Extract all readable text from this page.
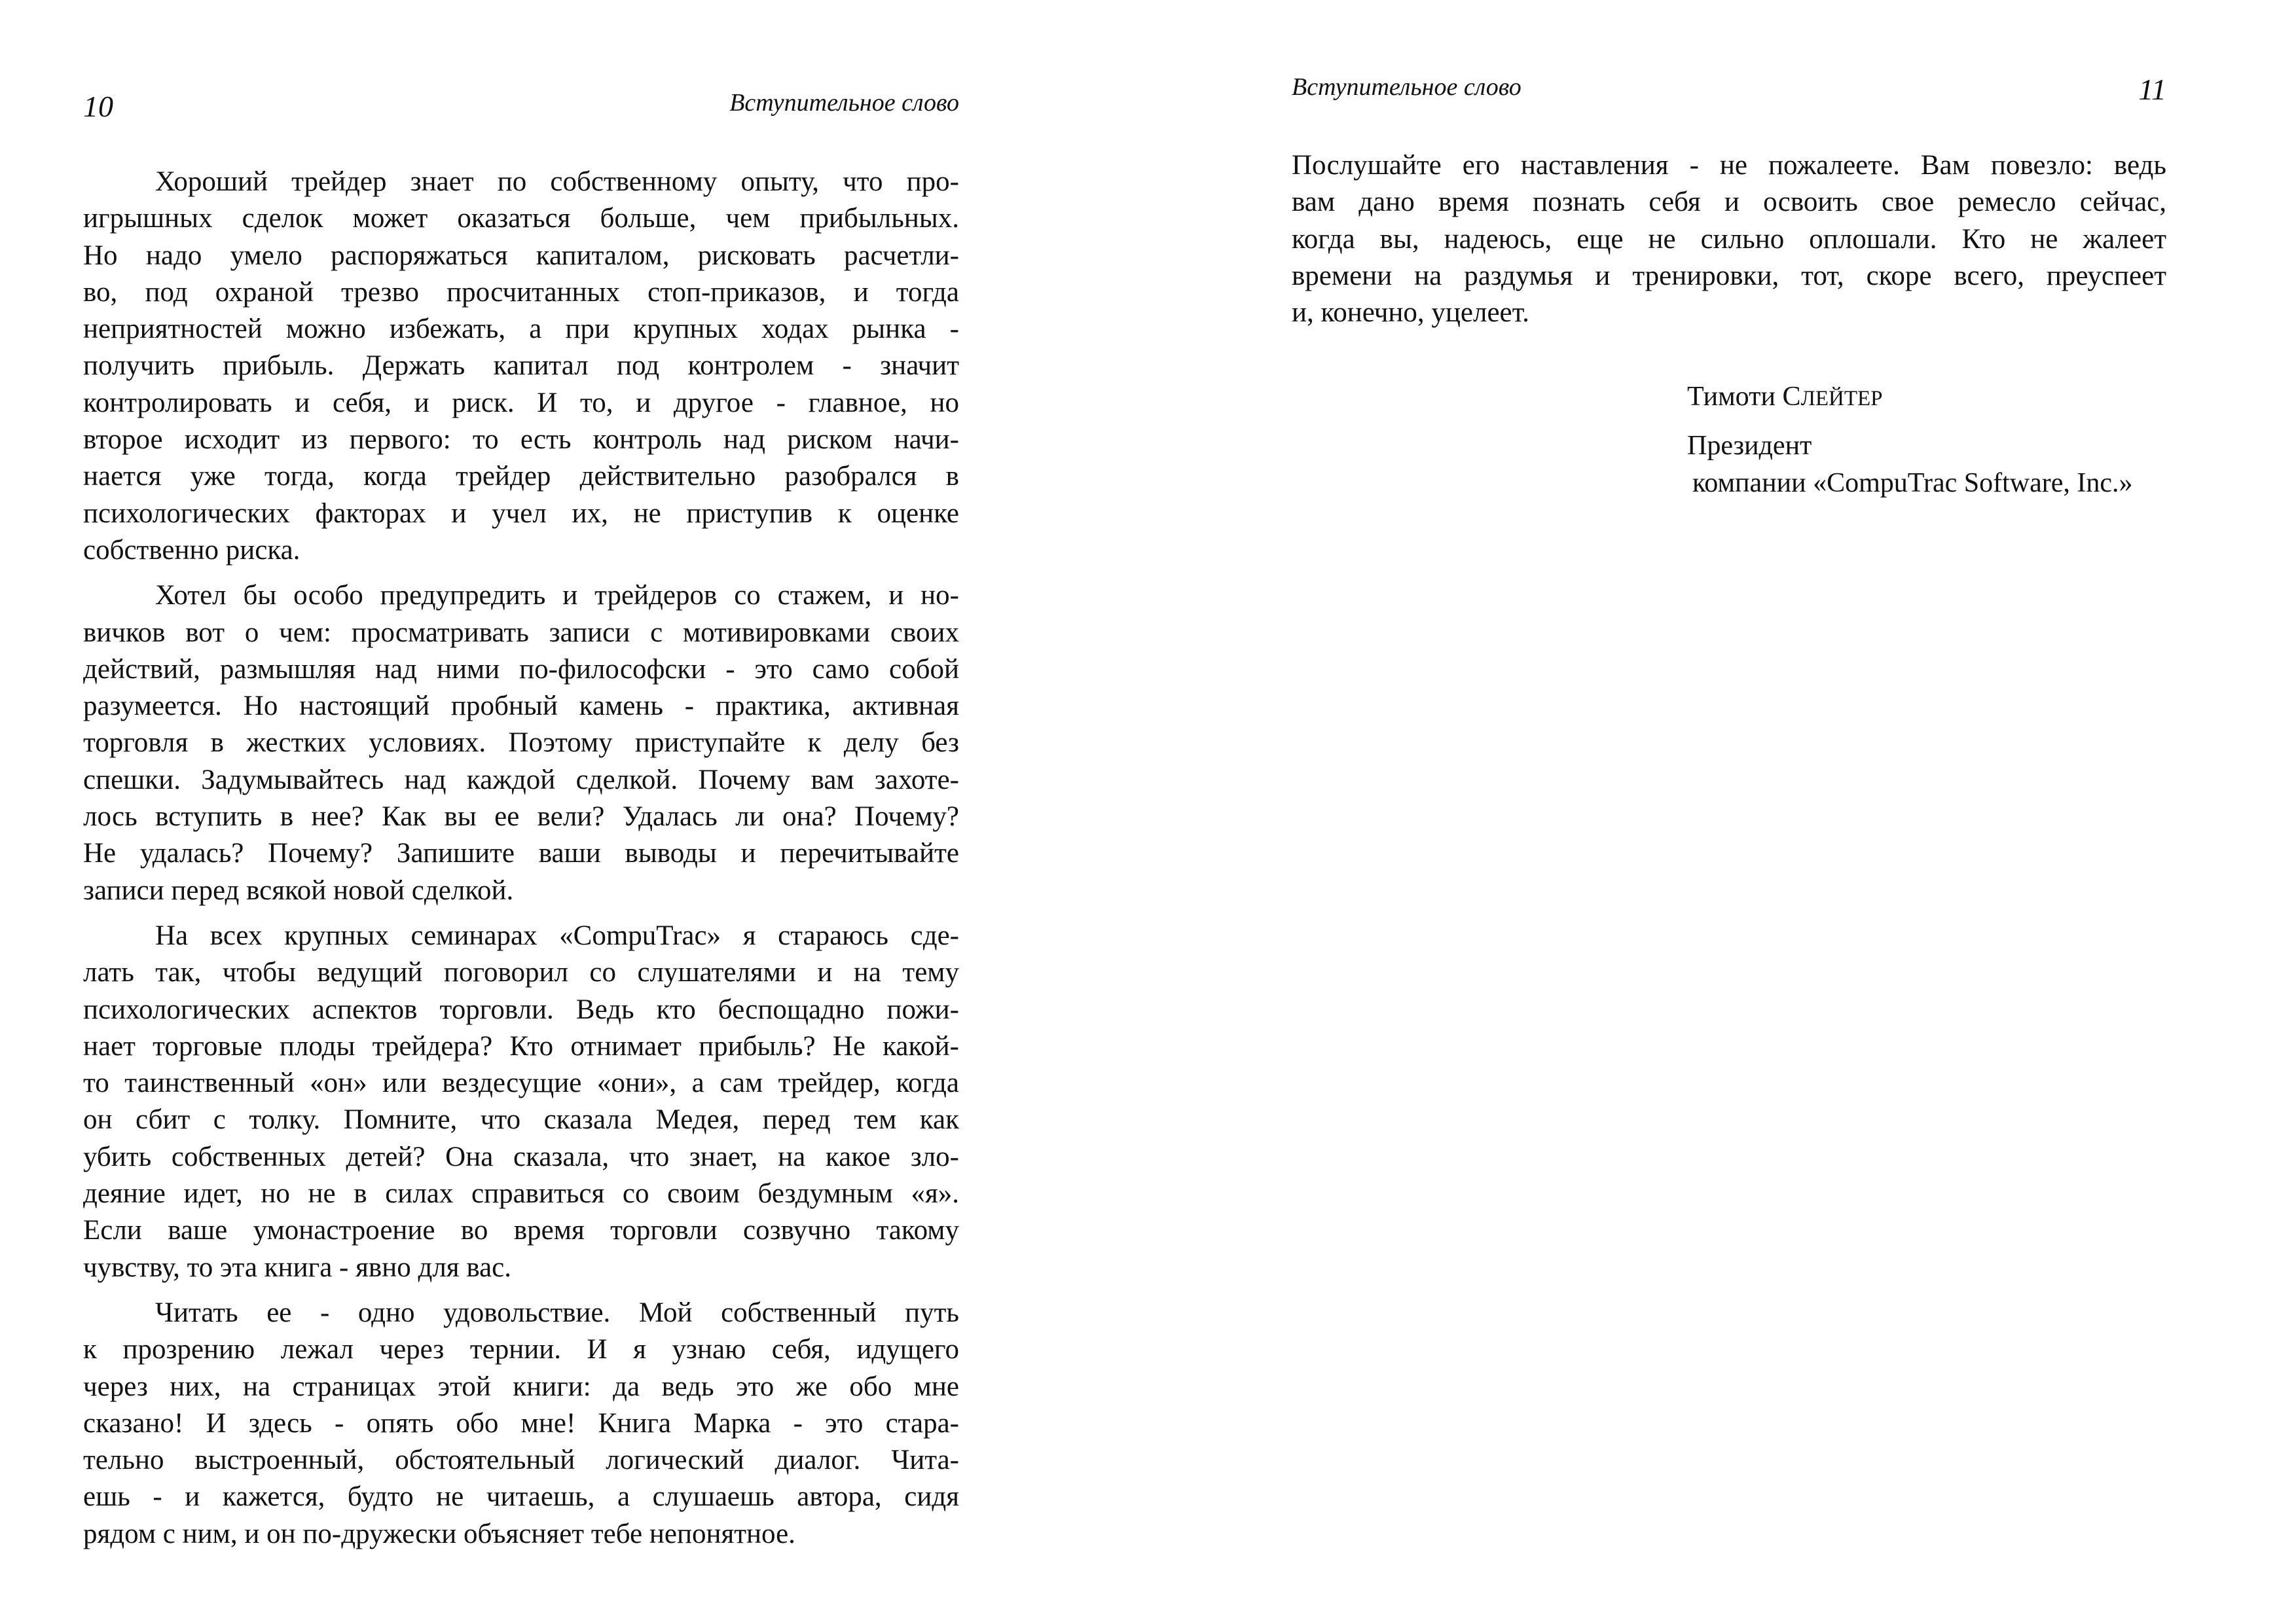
10	Вступительное слово

Хороший трейдер знает по собственному опыту, что про-
игрышных сделок может оказаться больше, чем прибыльных.
Но надо умело распоряжаться капиталом, рисковать расчетли-
во, под охраной трезво просчитанных стоп-приказов, и тогда
неприятностей можно избежать, а при крупных ходах рынка -
получить прибыль. Держать капитал под контролем - значит
контролировать и себя, и риск. И то, и другое - главное, но
второе исходит из первого: то есть контроль над риском начи-
нается уже тогда, когда трейдер действительно разобрался в
психологических факторах и учел их, не приступив к оценке
собственно риска.

Хотел бы особо предупредить и трейдеров со стажем, и но-
вичков вот о чем: просматривать записи с мотивировками своих
действий, размышляя над ними по-философски - это само собой
разумеется. Но настоящий пробный камень - практика, активная
торговля в жестких условиях. Поэтому приступайте к делу без
спешки. Задумывайтесь над каждой сделкой. Почему вам захоте-
лось вступить в нее? Как вы ее вели? Удалась ли она? Почему?
Не удалась? Почему? Запишите ваши выводы и перечитывайте
записи перед всякой новой сделкой.

На всех крупных семинарах «CompuTrac» я стараюсь сде-
лать так, чтобы ведущий поговорил со слушателями и на тему
психологических аспектов торговли. Ведь кто беспощадно пожи-
нает торговые плоды трейдера? Кто отнимает прибыль? Не какой-
то таинственный «он» или вездесущие «они», а сам трейдер, когда
он сбит с толку. Помните, что сказала Медея, перед тем как
убить собственных детей? Она сказала, что знает, на какое зло-
деяние идет, но не в силах справиться со своим бездумным «я».
Если ваше умонастроение во время торговли созвучно такому
чувству, то эта книга - явно для вас.

Читать ее - одно удовольствие. Мой собственный путь
к прозрению лежал через тернии. И я узнаю себя, идущего
через них, на страницах этой книги: да ведь это же обо мне
сказано! И здесь - опять обо мне! Книга Марка - это стара-
тельно выстроенный, обстоятельный логический диалог. Чита-
ешь - и кажется, будто не читаешь, а слушаешь автора, сидя
рядом с ним, и он по-дружески объясняет тебе непонятное.

Вступительное слово	11

Послушайте его наставления - не пожалеете. Вам повезло: ведь
вам дано время познать себя и освоить свое ремесло сейчас,
когда вы, надеюсь, еще не сильно оплошали. Кто не жалеет
времени на раздумья и тренировки, тот, скоре всего, преуспеет
и, конечно, уцелеет.

Тимоти СЛЕЙТЕР
Президент
компании «CompuTrac Software, Inc.»
